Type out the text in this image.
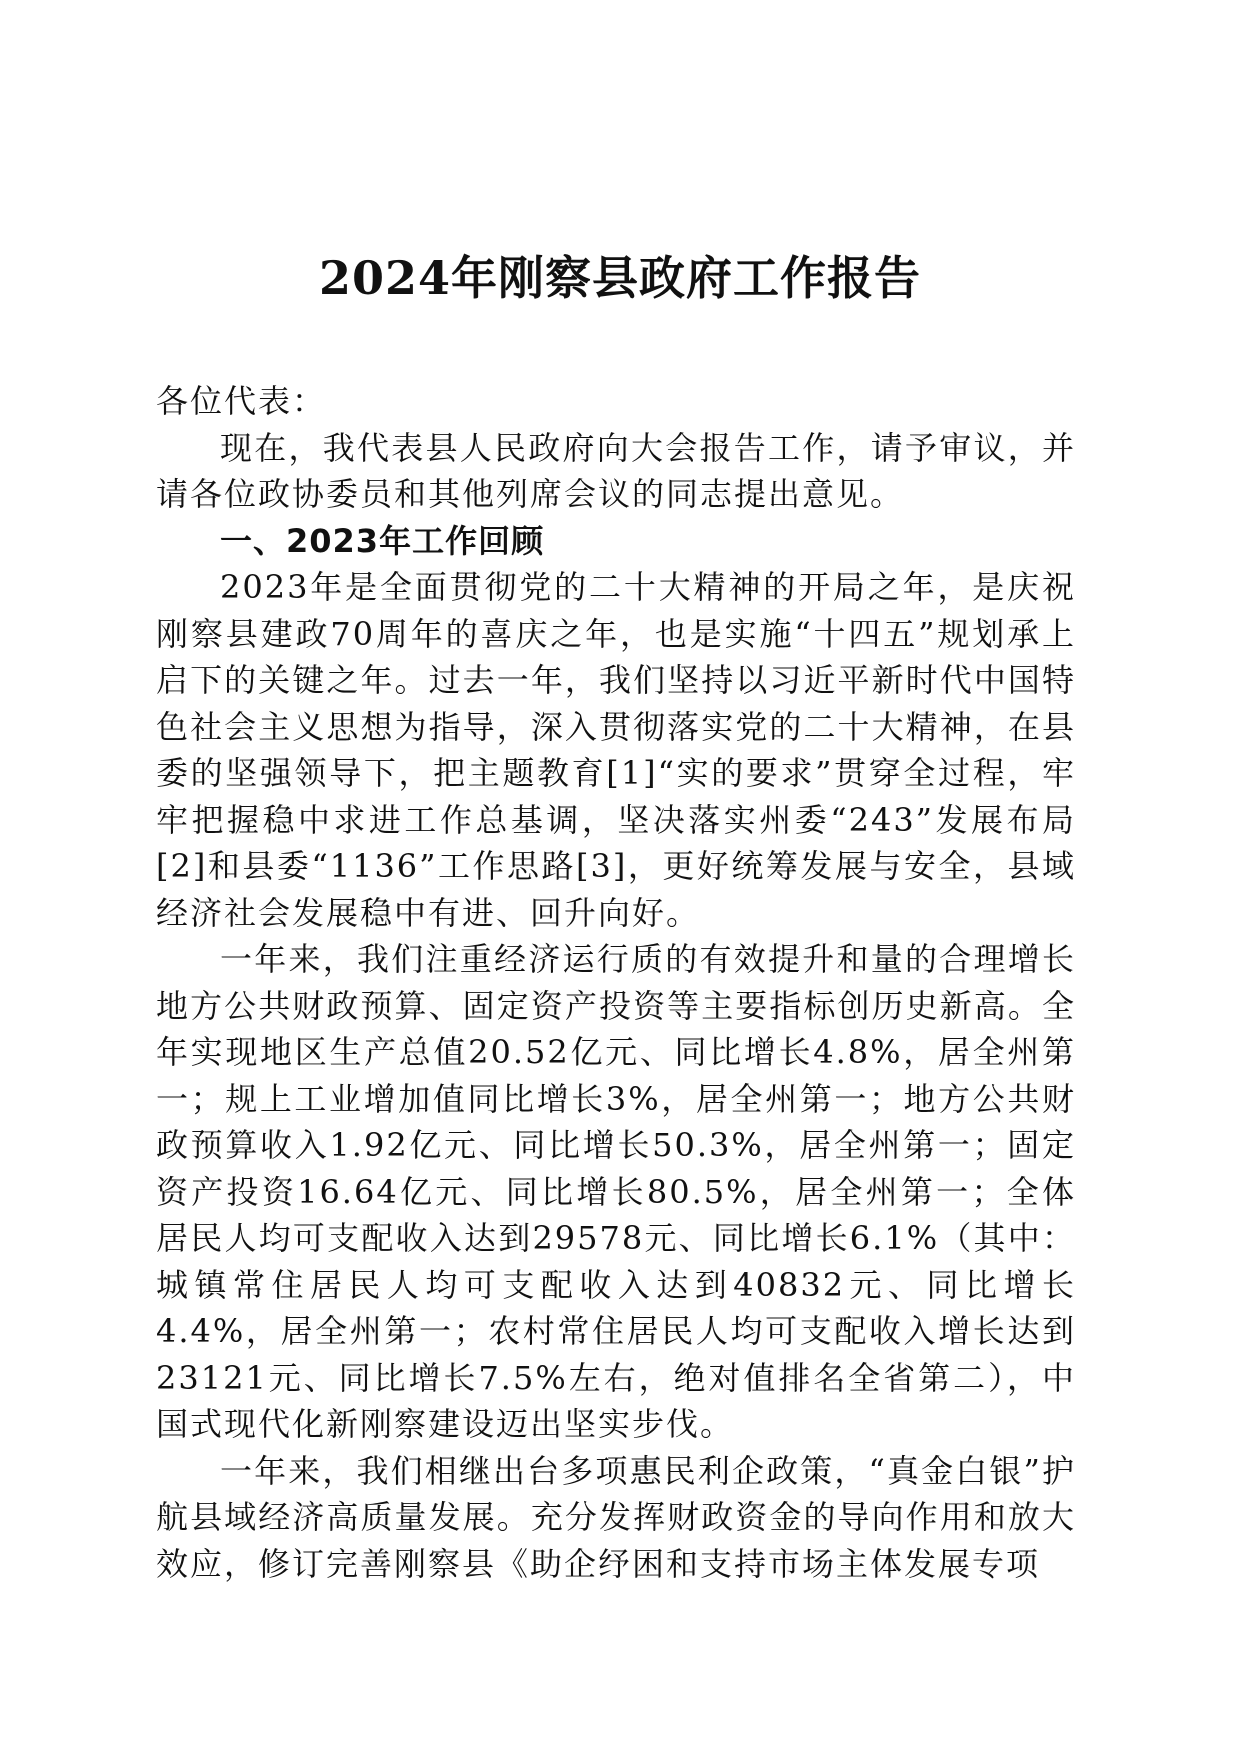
2024年刚察县政府工作报告

各位代表：

现在，我代表县人民政府向大会报告工作，请予审议，并请各位政协委员和其他列席会议的同志提出意见。

一、2023年工作回顾

2023年是全面贯彻党的二十大精神的开局之年，是庆祝刚察县建政70周年的喜庆之年，也是实施“十四五”规划承上启下的关键之年。过去一年，我们坚持以习近平新时代中国特色社会主义思想为指导，深入贯彻落实党的二十大精神，在县委的坚强领导下，把主题教育[1]“实的要求”贯穿全过程，牢牢把握稳中求进工作总基调，坚决落实州委“243”发展布局[2]和县委“1136”工作思路[3]，更好统筹发展与安全，县域经济社会发展稳中有进、回升向好。

一年来，我们注重经济运行质的有效提升和量的合理增长地方公共财政预算、固定资产投资等主要指标创历史新高。全年实现地区生产总值20.52亿元、同比增长4.8%，居全州第一；规上工业增加值同比增长3%，居全州第一；地方公共财政预算收入1.92亿元、同比增长50.3%，居全州第一；固定资产投资16.64亿元、同比增长80.5%，居全州第一；全体居民人均可支配收入达到29578元、同比增长6.1%（其中：城镇常住居民人均可支配收入达到40832元、同比增长4.4%，居全州第一；农村常住居民人均可支配收入增长达到23121元、同比增长7.5%左右，绝对值排名全省第二），中国式现代化新刚察建设迈出坚实步伐。

一年来，我们相继出台多项惠民利企政策，“真金白银”护航县域经济高质量发展。充分发挥财政资金的导向作用和放大效应，修订完善刚察县《助企纾困和支持市场主体发展专项
